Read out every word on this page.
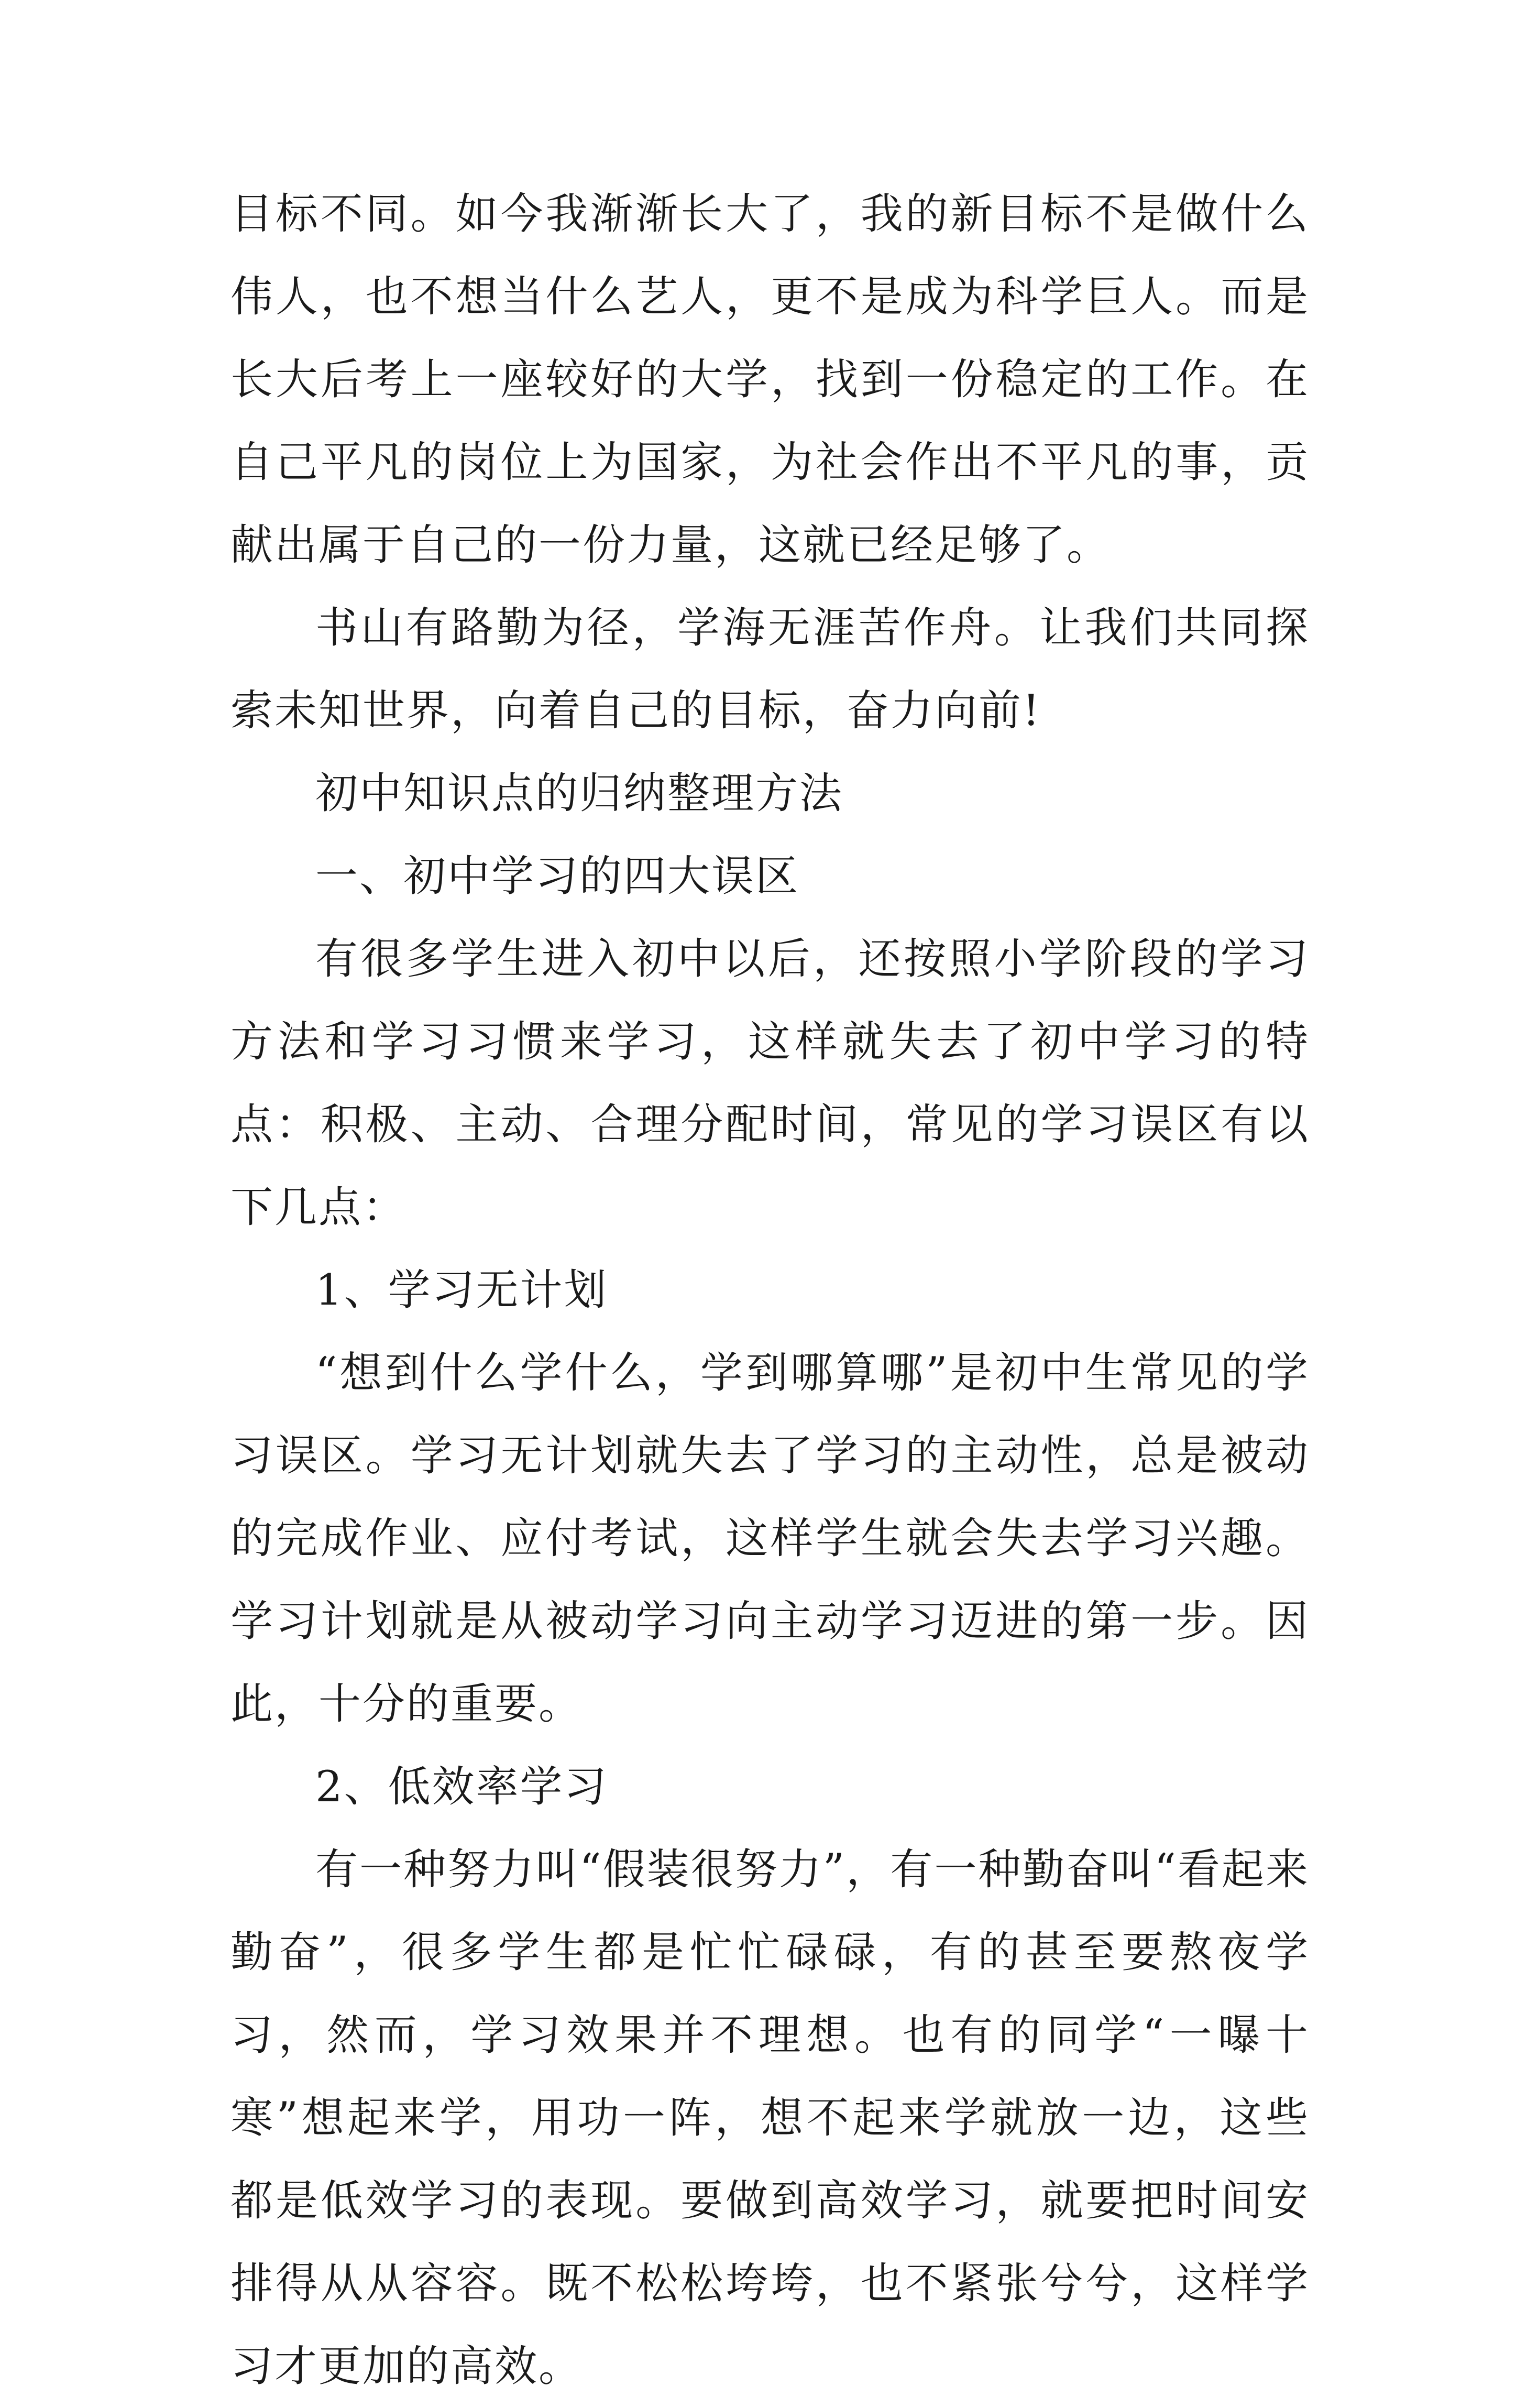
目标不同。如今我渐渐长大了，我的新目标不是做什么伟人，也不想当什么艺人，更不是成为科学巨人。而是长大后考上一座较好的大学，找到一份稳定的工作。在自己平凡的岗位上为国家，为社会作出不平凡的事，贡献出属于自己的一份力量，这就已经足够了。

书山有路勤为径，学海无涯苦作舟。让我们共同探索未知世界，向着自己的目标，奋力向前!

初中知识点的归纳整理方法

一、初中学习的四大误区

有很多学生进入初中以后，还按照小学阶段的学习方法和学习习惯来学习，这样就失去了初中学习的特点：积极、主动、合理分配时间，常见的学习误区有以下几点：

1、学习无计划

“想到什么学什么，学到哪算哪”是初中生常见的学习误区。学习无计划就失去了学习的主动性，总是被动的完成作业、应付考试，这样学生就会失去学习兴趣。学习计划就是从被动学习向主动学习迈进的第一步。因此，十分的重要。

2、低效率学习

有一种努力叫“假装很努力”，有一种勤奋叫“看起来勤奋”，很多学生都是忙忙碌碌，有的甚至要熬夜学习，然而，学习效果并不理想。也有的同学“一曝十寒”想起来学，用功一阵，想不起来学就放一边，这些都是低效学习的表现。要做到高效学习，就要把时间安排得从从容容。既不松松垮垮，也不紧张兮兮，这样学习才更加的高效。
